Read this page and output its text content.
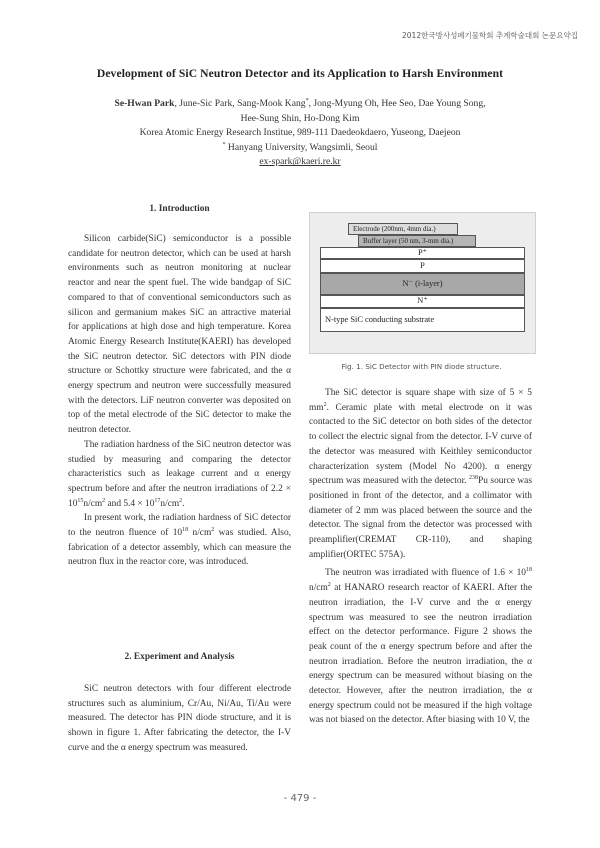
2012한국방사성폐기물학회 추계학술대회 논문요약집
Development of SiC Neutron Detector and its Application to Harsh Environment

Se-Hwan Park, June-Sic Park, Sang-Mook Kang*, Jong-Myung Oh, Hee Seo, Dae Young Song,

Hee-Sung Shin, Ho-Dong Kim

Korea Atomic Energy Research Institue, 989-111 Daedeokdaero, Yuseong, Daejeon

* Hanyang University, Wangsimli, Seoul

ex-spark@kaeri.re.kr

1. Introduction

Silicon carbide(SiC) semiconductor is a possible candidate for neutron detector, which can be used at harsh environments such as neutron monitoring at nuclear reactor and near the spent fuel. The wide bandgap of SiC compared to that of conventional semiconductors such as silicon and germanium makes SiC an attractive material for applications at high dose and high temperature. Korea Atomic Energy Research Institute(KAERI) has developed the SiC neutron detector. SiC detectors with PIN diode structure or Schottky structure were fabricated, and the α energy spectrum and neutron were successfully measured with the detectors. LiF neutron converter was deposited on top of the metal electrode of the SiC detector to make the neutron detector.

The radiation hardness of the SiC neutron detector was studied by measuring and comparing the detector characteristics such as leakage current and α energy spectrum before and after the neutron irradiations of $2.2 \times 10^{15}n/cm^2$ and $5.4 \times 10^{17}n/cm^2$.

In present work, the radiation hardness of SiC detector to the neutron fluence of $10^{18}$ $n/cm^2$ was studied. Also, fabrication of a detector assembly, which can measure the neutron flux in the reactor core, was introduced.

2. Experiment and Analysis

SiC neutron detectors with four different electrode structures such as aluminium, Cr/Au, Ni/Au, Ti/Au were measured. The detector has PIN diode structure, and it is shown in figure 1. After fabricating the detector, the I-V curve and the α energy spectrum was measured.

Electrode (200nm, 4mm dia.)
Buffer layer (50 nm, 3-mm dia.)
P⁺
P
N⁻ (i-layer)
N⁺
N-type SiC conducting substrate
Fig. 1. SiC Detector with PIN diode structure.

The SiC detector is square shape with size of 5 × 5 $mm^2$. Ceramic plate with metal electrode on it was contacted to the SiC detector on both sides of the detector to collect the electric signal from the detector. I-V curve of the detector was measured with Keithley semiconductor characterization system (Model No 4200). α energy spectrum was measured with the detector. $^{238}$Pu source was positioned in front of the detector, and a collimator with diameter of 2 mm was placed between the source and the detector. The signal from the detector was processed with preamplifier(CREMAT CR-110), and shaping amplifier(ORTEC 575A).

The neutron was irradiated with fluence of $1.6 \times 10^{18}$ $n/cm^2$ at HANARO research reactor of KAERI. After the neutron irradiation, the I-V curve and the α energy spectrum was measured to see the neutron irradiation effect on the detector performance. Figure 2 shows the peak count of the α energy spectrum before and after the neutron irradiation. Before the neutron irradiation, the α energy spectrum can be measured without biasing on the detector. However, after the neutron irradiation, the α energy spectrum could not be measured if the high voltage was not biased on the detector. After biasing with 10 V, the

- 479 -
